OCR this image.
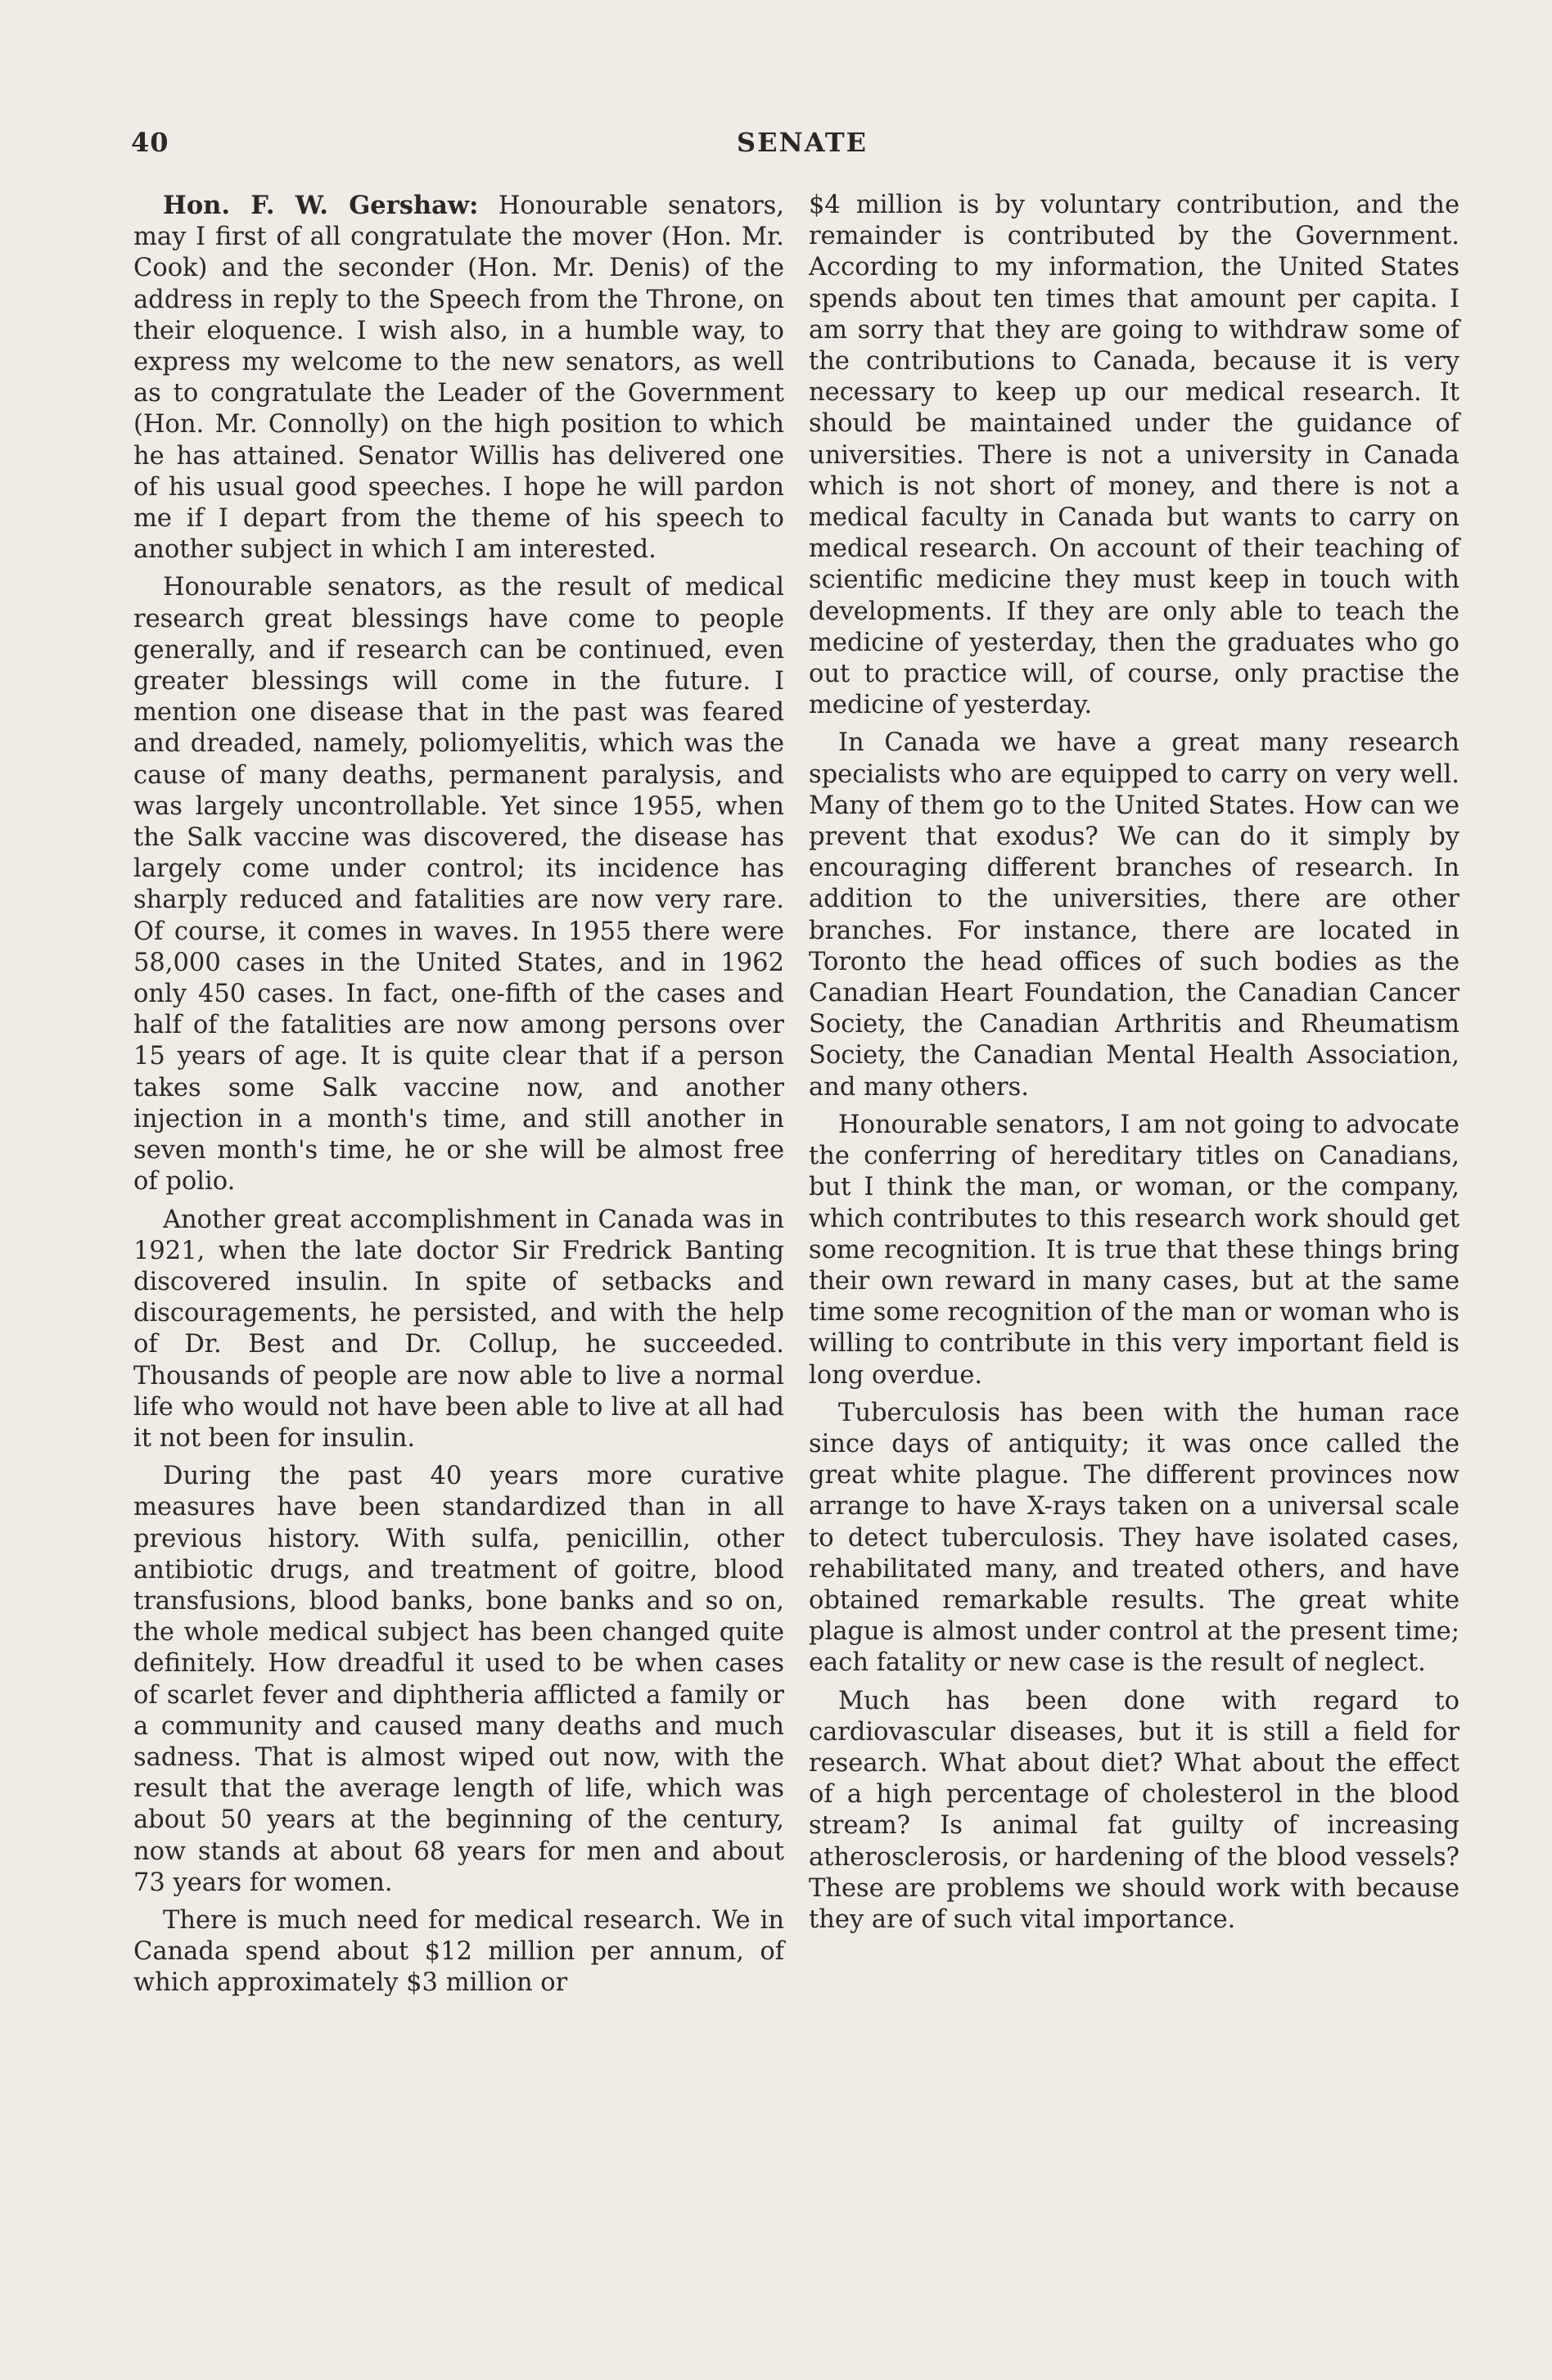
40	SENATE

Hon. F. W. Gershaw: Honourable senators, may I first of all congratulate the mover (Hon. Mr. Cook) and the seconder (Hon. Mr. Denis) of the address in reply to the Speech from the Throne, on their eloquence. I wish also, in a humble way, to express my welcome to the new senators, as well as to congratulate the Leader of the Government (Hon. Mr. Connolly) on the high position to which he has attained. Senator Willis has delivered one of his usual good speeches. I hope he will pardon me if I depart from the theme of his speech to another subject in which I am interested.

Honourable senators, as the result of medical research great blessings have come to people generally, and if research can be continued, even greater blessings will come in the future. I mention one disease that in the past was feared and dreaded, namely, poliomyelitis, which was the cause of many deaths, permanent paralysis, and was largely uncontrollable. Yet since 1955, when the Salk vaccine was discovered, the disease has largely come under control; its incidence has sharply reduced and fatalities are now very rare. Of course, it comes in waves. In 1955 there were 58,000 cases in the United States, and in 1962 only 450 cases. In fact, one-fifth of the cases and half of the fatalities are now among persons over 15 years of age. It is quite clear that if a person takes some Salk vaccine now, and another injection in a month's time, and still another in seven month's time, he or she will be almost free of polio.

Another great accomplishment in Canada was in 1921, when the late doctor Sir Fredrick Banting discovered insulin. In spite of setbacks and discouragements, he persisted, and with the help of Dr. Best and Dr. Collup, he succeeded. Thousands of people are now able to live a normal life who would not have been able to live at all had it not been for insulin.

During the past 40 years more curative measures have been standardized than in all previous history. With sulfa, penicillin, other antibiotic drugs, and treatment of goitre, blood transfusions, blood banks, bone banks and so on, the whole medical subject has been changed quite definitely. How dreadful it used to be when cases of scarlet fever and diphtheria afflicted a family or a community and caused many deaths and much sadness. That is almost wiped out now, with the result that the average length of life, which was about 50 years at the beginning of the century, now stands at about 68 years for men and about 73 years for women.

There is much need for medical research. We in Canada spend about $12 million per annum, of which approximately $3 million or

$4 million is by voluntary contribution, and the remainder is contributed by the Government. According to my information, the United States spends about ten times that amount per capita. I am sorry that they are going to withdraw some of the contributions to Canada, because it is very necessary to keep up our medical research. It should be maintained under the guidance of universities. There is not a university in Canada which is not short of money, and there is not a medical faculty in Canada but wants to carry on medical research. On account of their teaching of scientific medicine they must keep in touch with developments. If they are only able to teach the medicine of yesterday, then the graduates who go out to practice will, of course, only practise the medicine of yesterday.

In Canada we have a great many research specialists who are equipped to carry on very well. Many of them go to the United States. How can we prevent that exodus? We can do it simply by encouraging different branches of research. In addition to the universities, there are other branches. For instance, there are located in Toronto the head offices of such bodies as the Canadian Heart Foundation, the Canadian Cancer Society, the Canadian Arthritis and Rheumatism Society, the Canadian Mental Health Association, and many others.

Honourable senators, I am not going to advocate the conferring of hereditary titles on Canadians, but I think the man, or woman, or the company, which contributes to this research work should get some recognition. It is true that these things bring their own reward in many cases, but at the same time some recognition of the man or woman who is willing to contribute in this very important field is long overdue.

Tuberculosis has been with the human race since days of antiquity; it was once called the great white plague. The different provinces now arrange to have X-rays taken on a universal scale to detect tuberculosis. They have isolated cases, rehabilitated many, and treated others, and have obtained remarkable results. The great white plague is almost under control at the present time; each fatality or new case is the result of neglect.

Much has been done with regard to cardiovascular diseases, but it is still a field for research. What about diet? What about the effect of a high percentage of cholesterol in the blood stream? Is animal fat guilty of increasing atherosclerosis, or hardening of the blood vessels? These are problems we should work with because they are of such vital importance.
